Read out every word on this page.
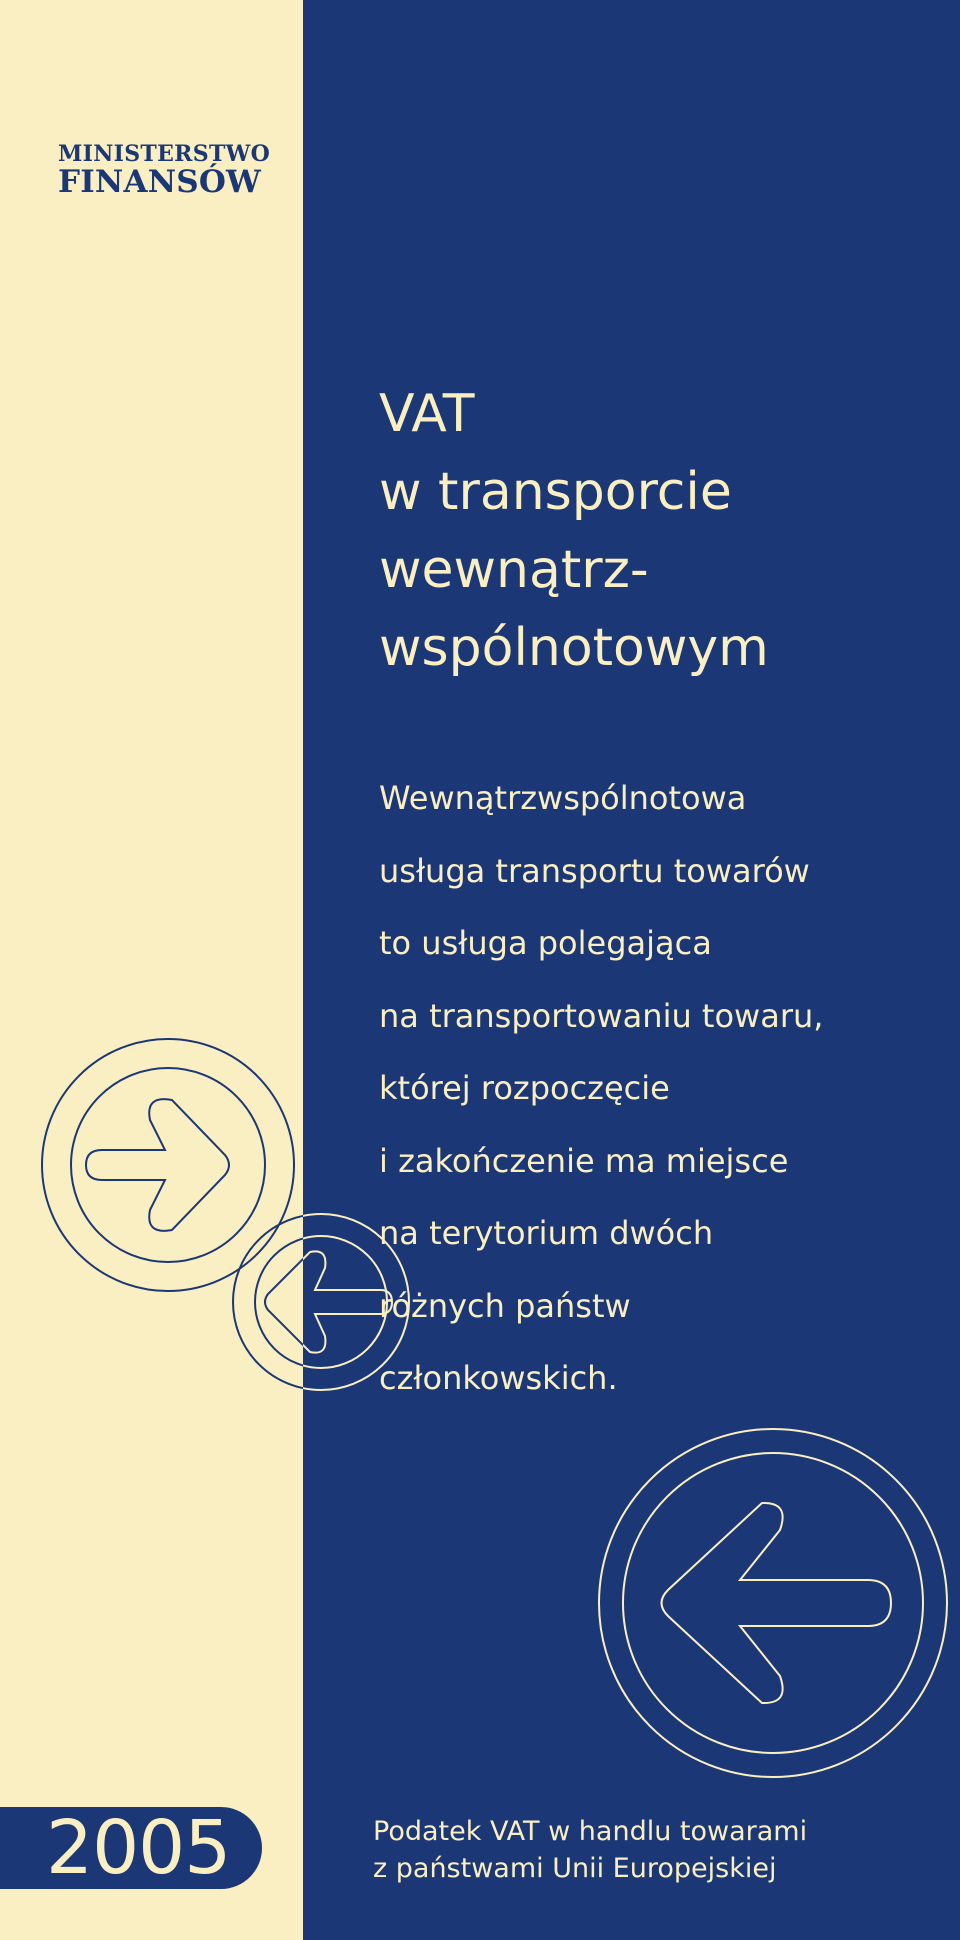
MINISTERSTWO
FINANSÓW
VAT
w transporcie
wewnątrz-
wspólnotowym
Wewnątrzwspólnotowa
usługa transportu towarów
to usługa polegająca
na transportowaniu towaru,
której rozpoczęcie
i zakończenie ma miejsce
na terytorium dwóch
różnych państw
członkowskich.
2005	Podatek VAT w handlu towarami
z państwami Unii Europejskiej
